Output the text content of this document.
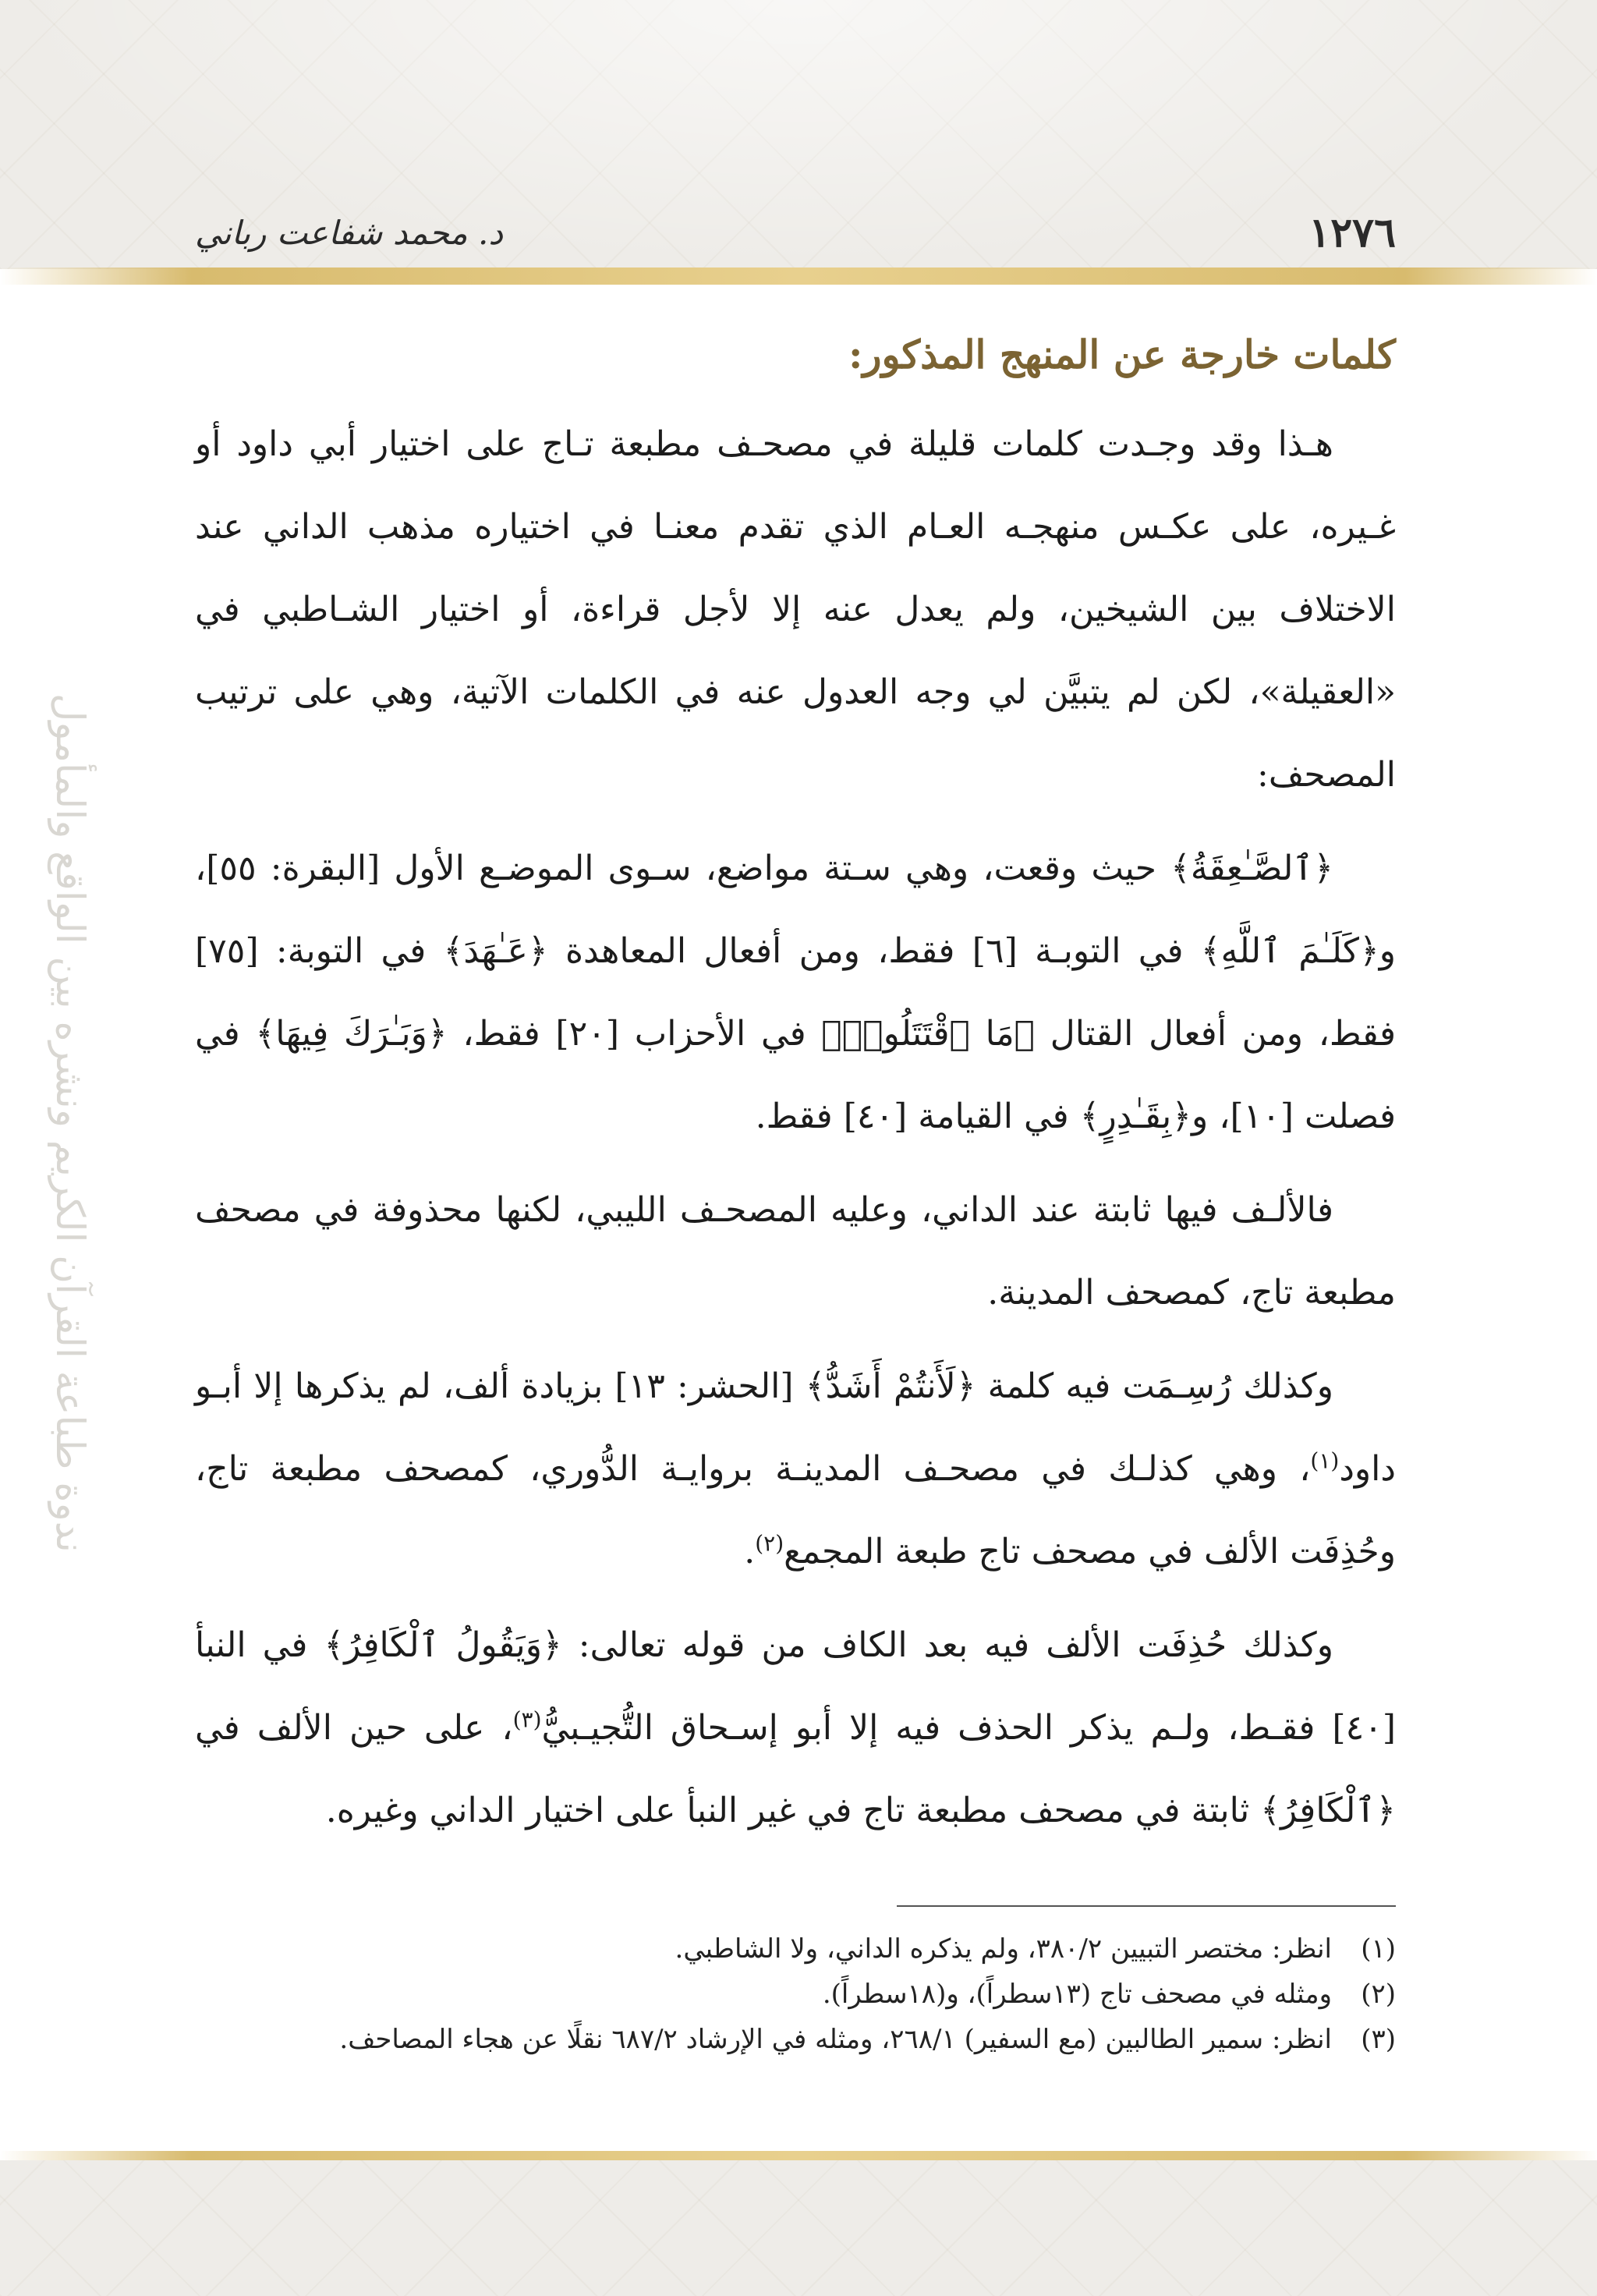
د. محمد شفاعت رباني	١٢٧٦
ندوة طباعة القرآن الكريم ونشره بين الواقع والمأمول
كلمات خارجة عن المنهج المذكور:

هـذا وقد وجـدت كلمات قليلة في مصحـف مطبعة تـاج على اختيار أبي داود أو غـيره، على عكـس منهجـه العـام الذي تقدم معنـا في اختياره مذهب الداني عند الاختلاف بين الشيخين، ولم يعدل عنه إلا لأجل قراءة، أو اختيار الشـاطبي في «العقيلة»، لكن لم يتبيَّن لي وجه العدول عنه في الكلمات الآتية، وهي على ترتيب المصحف:

﴿ٱلصَّـٰعِقَةُ﴾ حيث وقعت، وهي سـتة مواضع، سـوى الموضـع الأول [البقرة: ٥٥]، و﴿كَلَـٰمَ ٱللَّهِ﴾ في التوبـة [٦] فقط، ومن أفعال المعاهدة ﴿عَـٰهَدَ﴾ في التوبة: [٧٥] فقط، ومن أفعال القتال ﴿مَا ٱقْتَتَلُوا۟﴾ في الأحزاب [٢٠] فقط، ﴿وَبَـٰرَكَ فِيهَا﴾ في فصلت [١٠]، و﴿بِقَـٰدِرٍ﴾ في القيامة [٤٠] فقط.

فالألـف فيها ثابتة عند الداني، وعليه المصحـف الليبي، لكنها محذوفة في مصحف مطبعة تاج، كمصحف المدينة.

وكذلك رُسِـمَت فيه كلمة ﴿لَأَنتُمْ أَشَدُّ﴾ [الحشر: ١٣] بزيادة ألف، لم يذكرها إلا أبـو داود$^{(١)}$، وهي كذلـك في مصحـف المدينـة بروايـة الدُّوري، كمصحف مطبعة تاج، وحُذِفَت الألف في مصحف تاج طبعة المجمع$^{(٢)}$.

وكذلك حُذِفَت الألف فيه بعد الكاف من قوله تعالى: ﴿وَيَقُولُ ٱلْكَافِرُ﴾ في النبأ [٤٠] فقـط، ولـم يذكر الحذف فيه إلا أبو إسـحاق التُّجيـبيُّ$^{(٣)}$، على حين الألف في ﴿ٱلْكَافِرُ﴾ ثابتة في مصحف مطبعة تاج في غير النبأ على اختيار الداني وغيره.

(١)
انظر: مختصر التبيين ٣٨٠/٢، ولم يذكره الداني، ولا الشاطبي.
(٢)
ومثله في مصحف تاج (١٣سطراً)، و(١٨سطراً).
(٣)
انظر: سمير الطالبين (مع السفير) ٢٦٨/١، ومثله في الإرشاد ٦٨٧/٢ نقلًا عن هجاء المصاحف.
